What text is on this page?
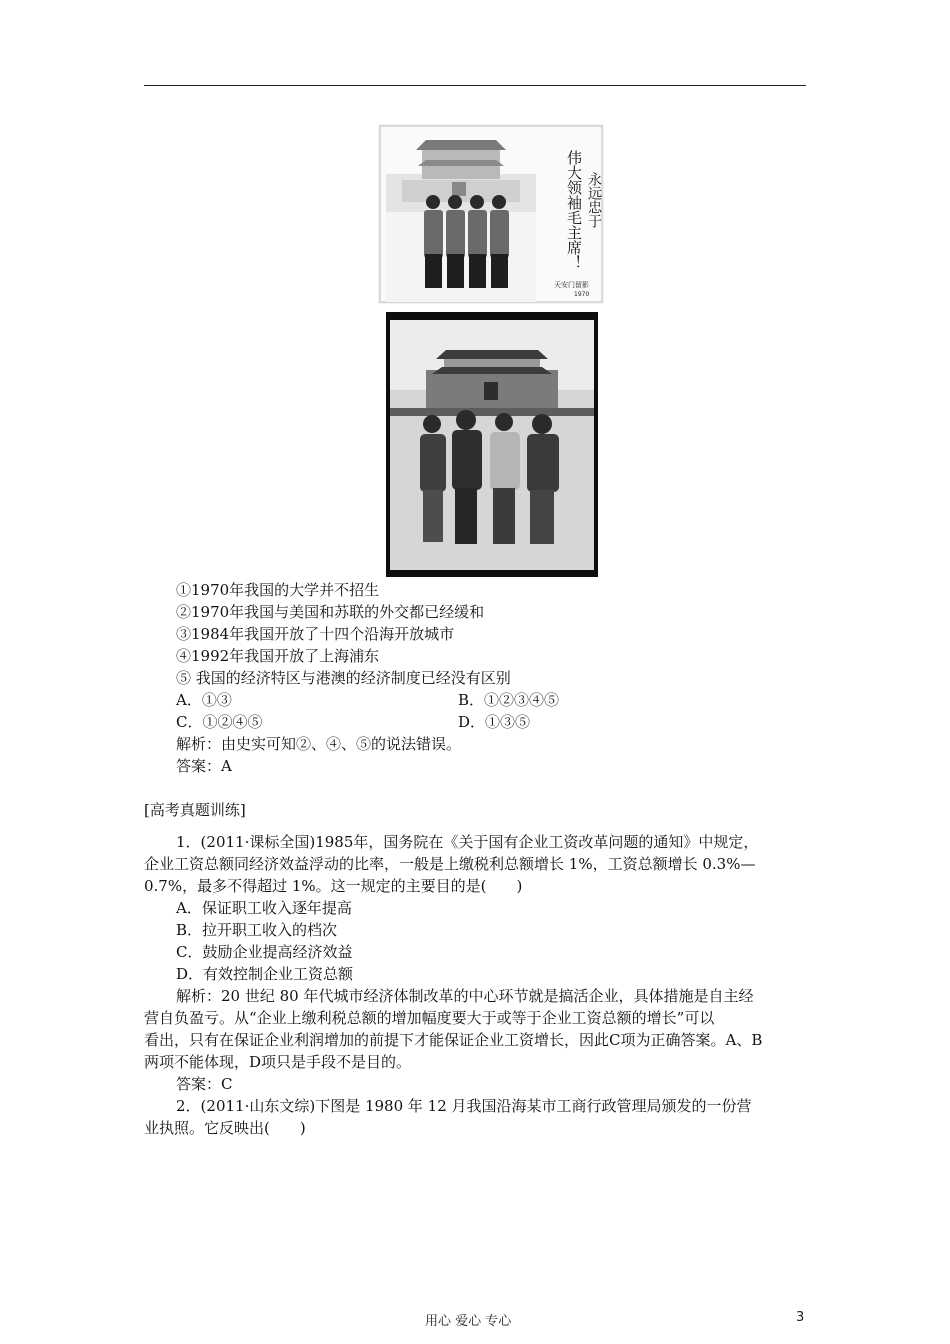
伟大领袖毛主席！ 永远忠于
天安门留影
1970
①1970年我国的大学并不招生
②1970年我国与美国和苏联的外交都已经缓和
③1984年我国开放了十四个沿海开放城市
④1992年我国开放了上海浦东
⑤ 我国的经济特区与港澳的经济制度已经没有区别
A．①③	B．①②③④⑤
C．①②④⑤	D．①③⑤
解析：由史实可知②、④、⑤的说法错误。
答案：A
[高考真题训练]
1．(2011·课标全国)1985年，国务院在《关于国有企业工资改革问题的通知》中规定，
企业工资总额同经济效益浮动的比率，一般是上缴税利总额增长 1%，工资总额增长 0.3%—
0.7%，最多不得超过 1%。这一规定的主要目的是(　　)
A．保证职工收入逐年提高
B．拉开职工收入的档次
C．鼓励企业提高经济效益
D．有效控制企业工资总额
解析：20 世纪 80 年代城市经济体制改革的中心环节就是搞活企业，具体措施是自主经
营自负盈亏。从“企业上缴利税总额的增加幅度要大于或等于企业工资总额的增长”可以
看出，只有在保证企业利润增加的前提下才能保证企业工资增长，因此C项为正确答案。A、B
两项不能体现，D项只是手段不是目的。
答案：C
2．(2011·山东文综)下图是 1980 年 12 月我国沿海某市工商行政管理局颁发的一份营
业执照。它反映出(　　)
用心 爱心 专心	3
